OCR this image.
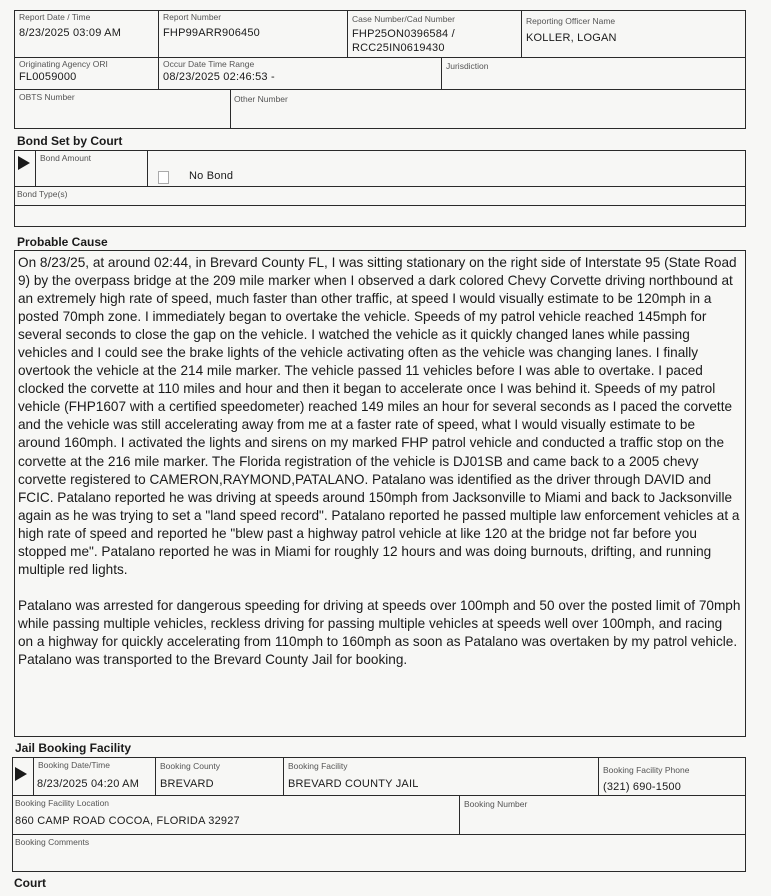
Report Date / Time
8/23/2025 03:09 AM
Report Number
FHP99ARR906450
Case Number/Cad Number
FHP25ON0396584 /
RCC25IN0619430
Reporting Officer Name
KOLLER, LOGAN
Originating Agency ORI
FL0059000
Occur Date Time Range
08/23/2025 02:46:53 -
Jurisdiction
OBTS Number	Other Number
Bond Set by Court
Bond Amount
No Bond
Bond Type(s)
Probable Cause

On 8/23/25, at around 02:44, in Brevard County FL, I was sitting stationary on the right side of Interstate 95 (State Road 9) by the overpass bridge at the 209 mile marker when I observed a dark colored Chevy Corvette driving northbound at an extremely high rate of speed, much faster than other traffic, at speed I would visually estimate to be 120mph in a posted 70mph zone. I immediately began to overtake the vehicle. Speeds of my patrol vehicle reached 145mph for several seconds to close the gap on the vehicle. I watched the vehicle as it quickly changed lanes while passing vehicles and I could see the brake lights of the vehicle activating often as the vehicle was changing lanes. I finally overtook the vehicle at the 214 mile marker. The vehicle passed 11 vehicles before I was able to overtake. I paced clocked the corvette at 110 miles and hour and then it began to accelerate once I was behind it. Speeds of my patrol vehicle (FHP1607 with a certified speedometer) reached 149 miles an hour for several seconds as I paced the corvette and the vehicle was still accelerating away from me at a faster rate of speed, what I would visually estimate to be around 160mph. I activated the lights and sirens on my marked FHP patrol vehicle and conducted a traffic stop on the corvette at the 216 mile marker. The Florida registration of the vehicle is DJ01SB and came back to a 2005 chevy corvette registered to CAMERON,RAYMOND,PATALANO. Patalano was identified as the driver through DAVID and FCIC. Patalano reported he was driving at speeds around 150mph from Jacksonville to Miami and back to Jacksonville again as he was trying to set a "land speed record". Patalano reported he passed multiple law enforcement vehicles at a high rate of speed and reported he "blew past a highway patrol vehicle at like 120 at the bridge not far before you stopped me". Patalano reported he was in Miami for roughly 12 hours and was doing burnouts, drifting, and running multiple red lights.

Patalano was arrested for dangerous speeding for driving at speeds over 100mph and 50 over the posted limit of 70mph while passing multiple vehicles, reckless driving for passing multiple vehicles at speeds well over 100mph, and racing on a highway for quickly accelerating from 110mph to 160mph as soon as Patalano was overtaken by my patrol vehicle. Patalano was transported to the Brevard County Jail for booking.

Jail Booking Facility
Booking Date/Time
8/23/2025 04:20 AM
Booking County
BREVARD
Booking Facility
BREVARD COUNTY JAIL
Booking Facility Phone
(321) 690-1500
Booking Facility Location
860 CAMP ROAD COCOA, FLORIDA 32927
Booking Number
Booking Comments
Court
